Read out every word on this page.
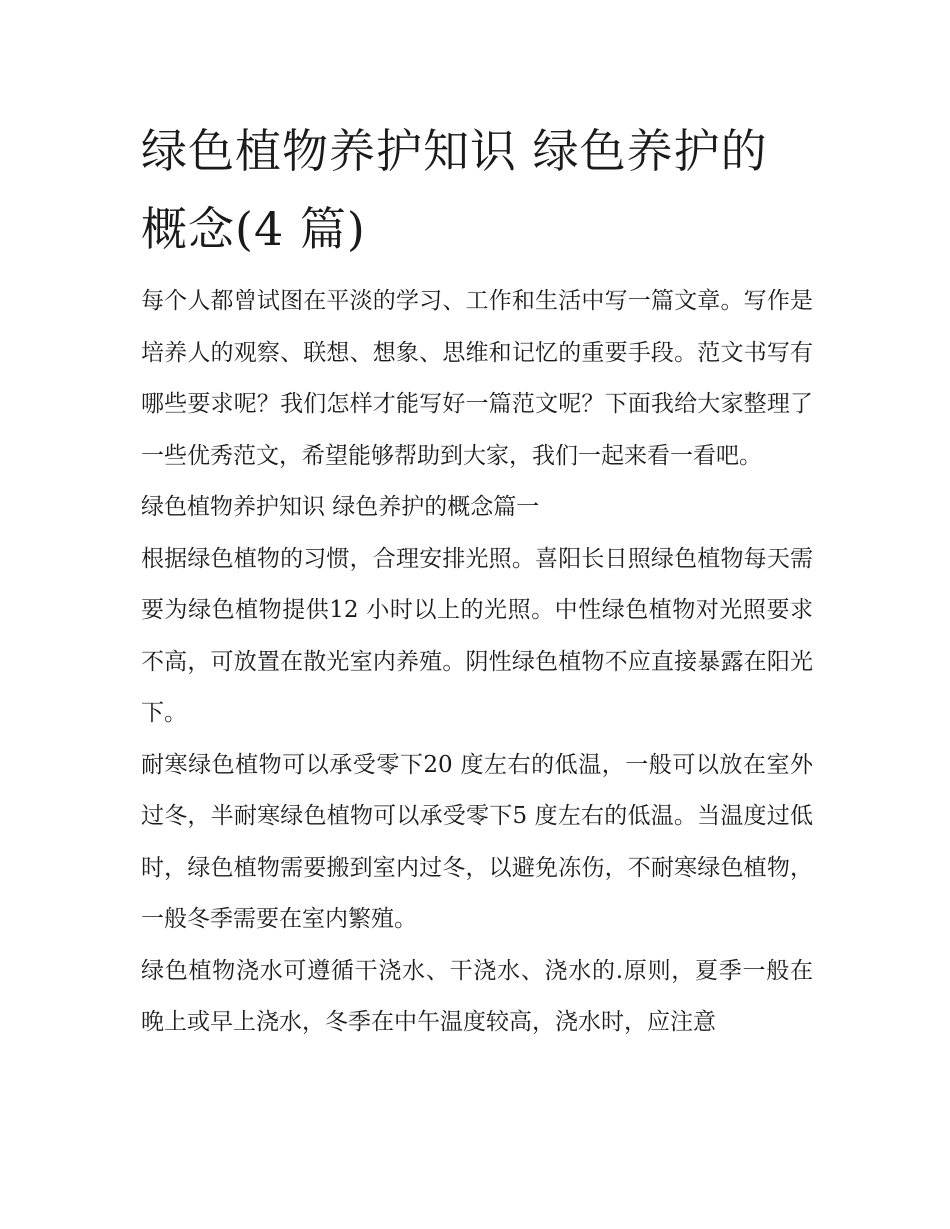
绿色植物养护知识 绿色养护的
概念(4 篇)

每个人都曾试图在平淡的学习、工作和生活中写一篇文章。写作是培养人的观察、联想、想象、思维和记忆的重要手段。范文书写有哪些要求呢？我们怎样才能写好一篇范文呢？下面我给大家整理了一些优秀范文，希望能够帮助到大家，我们一起来看一看吧。

绿色植物养护知识 绿色养护的概念篇一

根据绿色植物的习惯，合理安排光照。喜阳长日照绿色植物每天需要为绿色植物提供12 小时以上的光照。中性绿色植物对光照要求不高，可放置在散光室内养殖。阴性绿色植物不应直接暴露在阳光下。

耐寒绿色植物可以承受零下20 度左右的低温，一般可以放在室外过冬，半耐寒绿色植物可以承受零下5 度左右的低温。当温度过低时，绿色植物需要搬到室内过冬，以避免冻伤，不耐寒绿色植物，一般冬季需要在室内繁殖。

绿色植物浇水可遵循干浇水、干浇水、浇水的.原则，夏季一般在晚上或早上浇水，冬季在中午温度较高，浇水时，应注意
